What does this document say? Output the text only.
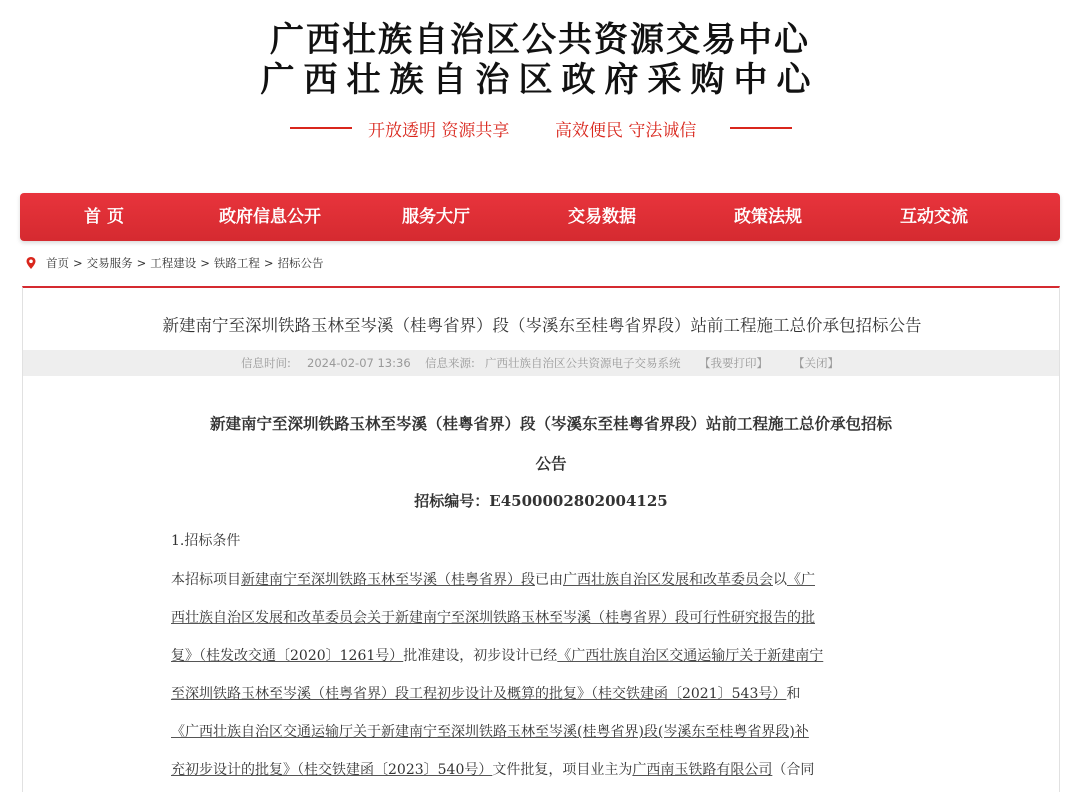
广西壮族自治区公共资源交易中心
广西壮族自治区政府采购中心
开放透明 资源共享	高效便民 守法诚信
首 页	政府信息公开	服务大厅	交易数据	政策法规	互动交流
首页 > 交易服务 > 工程建设 > 铁路工程 > 招标公告
新建南宁至深圳铁路玉林至岑溪（桂粤省界）段（岑溪东至桂粤省界段）站前工程施工总价承包招标公告
信息时间: 2024-02-07 13:36 信息来源: 广西壮族自治区公共资源电子交易系统 【我要打印】 【关闭】
新建南宁至深圳铁路玉林至岑溪（桂粤省界）段（岑溪东至桂粤省界段）站前工程施工总价承包招标
公告
招标编号：E4500002802004125
1.招标条件
本招标项目新建南宁至深圳铁路玉林至岑溪（桂粤省界）段已由广西壮族自治区发展和改革委员会以《广
西壮族自治区发展和改革委员会关于新建南宁至深圳铁路玉林至岑溪（桂粤省界）段可行性研究报告的批
复》（桂发改交通〔2020〕1261号）批准建设，初步设计已经《广西壮族自治区交通运输厅关于新建南宁
至深圳铁路玉林至岑溪（桂粤省界）段工程初步设计及概算的批复》（桂交铁建函〔2021〕543号）和
《广西壮族自治区交通运输厅关于新建南宁至深圳铁路玉林至岑溪(桂粤省界)段(岑溪东至桂粤省界段)补
充初步设计的批复》（桂交铁建函〔2023〕540号）文件批复，项目业主为广西南玉铁路有限公司（合同
